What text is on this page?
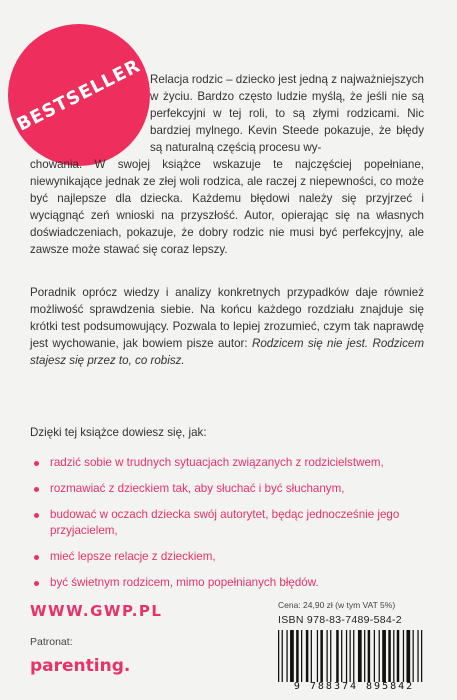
BESTSELLER Relacja rodzic – dziecko jest jedną z najważniejszych w życiu. Bardzo często ludzie myślą, że jeśli nie są perfekcyjni w tej roli, to są złymi rodzicami. Nic bardziej mylnego. Kevin Steede pokazuje, że błędy są naturalną częścią procesu wy-
chowania. W swojej książce wskazuje te najczęściej popełniane, niewynikające jednak ze złej woli rodzica, ale raczej z niepewności, co może być najlepsze dla dziecka. Każdemu błędowi należy się przyjrzeć i wyciągnąć zeń wnioski na przyszłość. Autor, opierając się na własnych doświadczeniach, pokazuje, że dobry rodzic nie musi być perfekcyjny, ale zawsze może stawać się coraz lepszy.
Poradnik oprócz wiedzy i analizy konkretnych przypadków daje również możliwość sprawdzenia siebie. Na końcu każdego rozdziału znajduje się krótki test podsumowujący. Pozwala to lepiej zrozumieć, czym tak naprawdę jest wychowanie, jak bowiem pisze autor: Rodzicem się nie jest. Rodzicem stajesz się przez to, co robisz.
Dzięki tej książce dowiesz się, jak:
radzić sobie w trudnych sytuacjach związanych z rodzicielstwem,
rozmawiać z dzieckiem tak, aby słuchać i być słuchanym,
budować w oczach dziecka swój autorytet, będąc jednocześnie jego przyjacielem,
mieć lepsze relacje z dzieckiem,
być świetnym rodzicem, mimo popełnianych błędów.
WWW.GWP.PL
Patronat:
parenting.
Cena: 24,90 zł (w tym VAT 5%)
ISBN 978-83-7489-584-2
9 788374 895842
